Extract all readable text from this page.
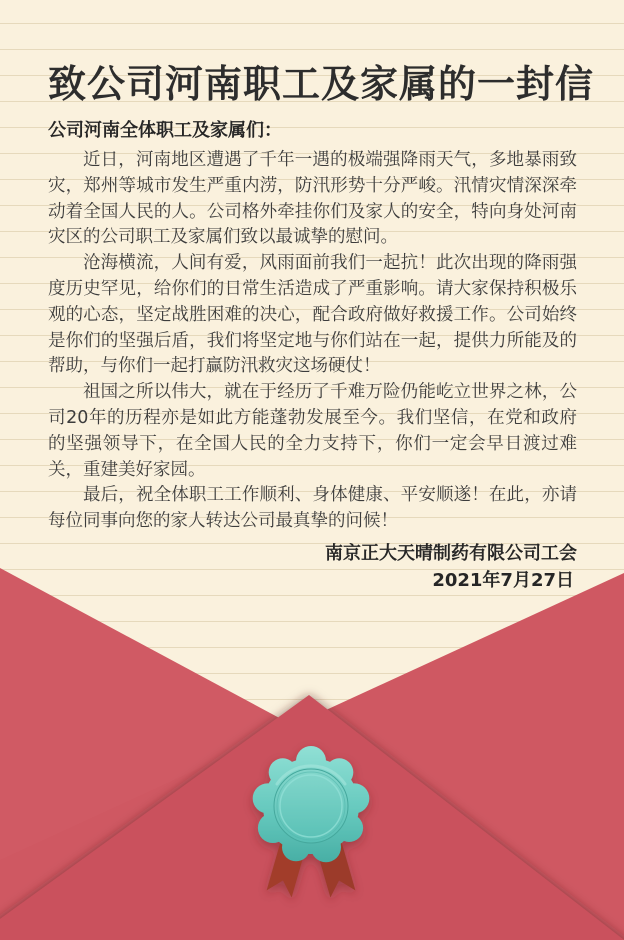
致公司河南职工及家属的一封信

公司河南全体职工及家属们：

近日，河南地区遭遇了千年一遇的极端强降雨天气，多地暴雨致灾，郑州等城市发生严重内涝，防汛形势十分严峻。汛情灾情深深牵动着全国人民的人。公司格外牵挂你们及家人的安全，特向身处河南灾区的公司职工及家属们致以最诚挚的慰问。

沧海横流，人间有爱，风雨面前我们一起抗！此次出现的降雨强度历史罕见，给你们的日常生活造成了严重影响。请大家保持积极乐观的心态，坚定战胜困难的决心，配合政府做好救援工作。公司始终是你们的坚强后盾，我们将坚定地与你们站在一起，提供力所能及的帮助，与你们一起打赢防汛救灾这场硬仗！

祖国之所以伟大，就在于经历了千难万险仍能屹立世界之林，公司20年的历程亦是如此方能蓬勃发展至今。我们坚信，在党和政府的坚强领导下，在全国人民的全力支持下，你们一定会早日渡过难关，重建美好家园。

最后，祝全体职工工作顺利、身体健康、平安顺遂！在此，亦请每位同事向您的家人转达公司最真挚的问候！

南京正大天晴制药有限公司工会

2021年7月27日
